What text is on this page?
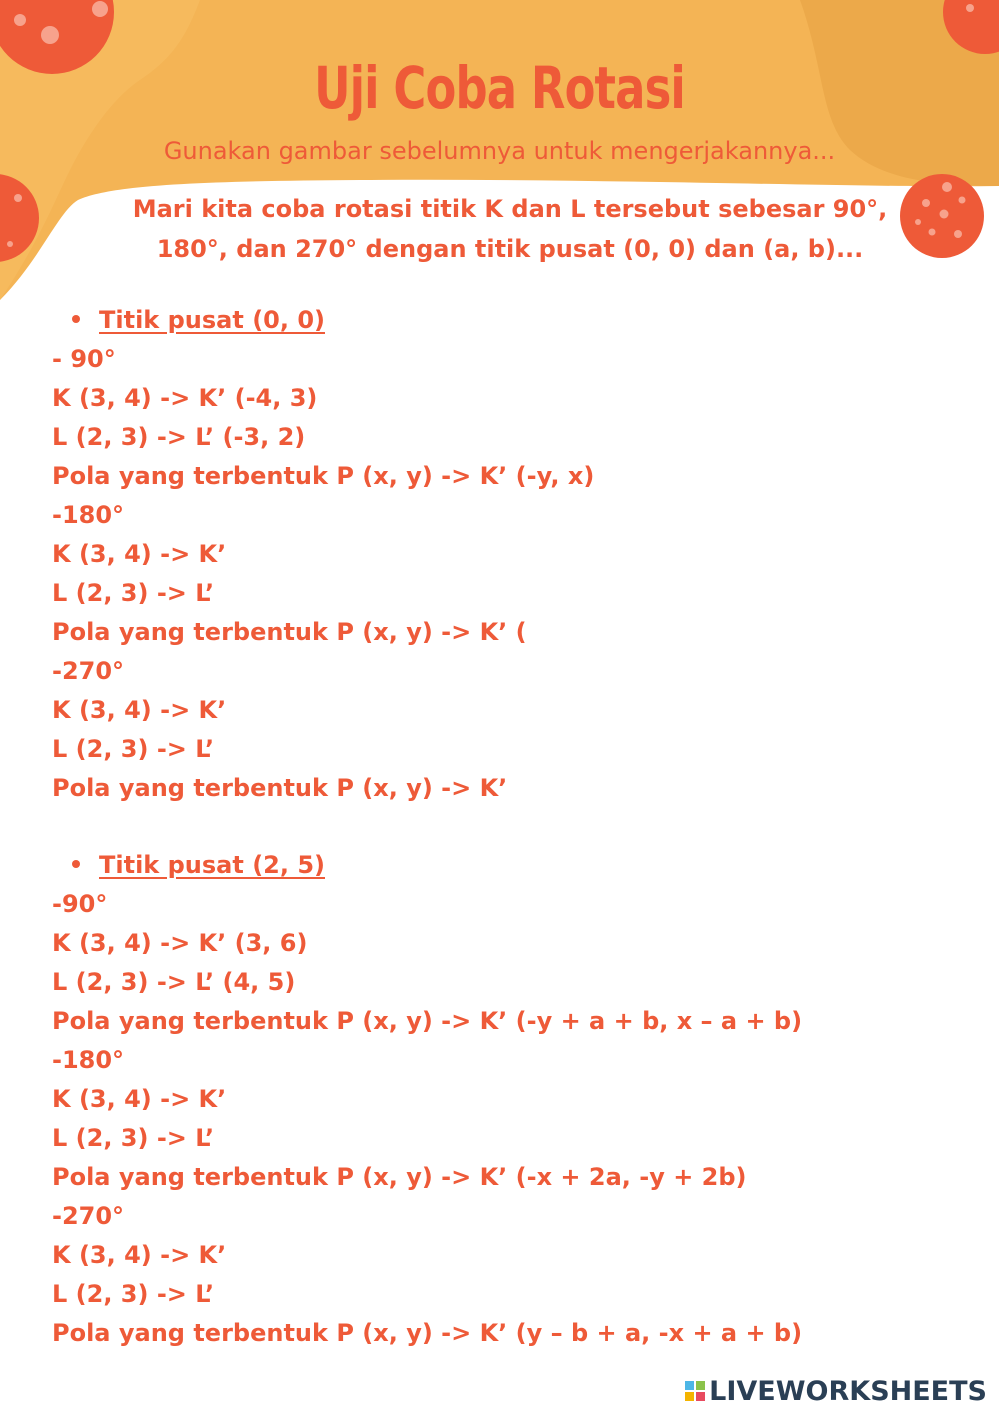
Uji Coba Rotasi
Gunakan gambar sebelumnya untuk mengerjakannya...
Mari kita coba rotasi titik K dan L tersebut sebesar 90°,
180°, dan 270° dengan titik pusat (0, 0) dan (a, b)...
Titik pusat (0, 0)
- 90°
K (3, 4) -> K’ (-4, 3)
L (2, 3) -> L’ (-3, 2)
Pola yang terbentuk P (x, y) -> K’ (-y, x)
-180°
K (3, 4) -> K’
L (2, 3) -> L’
Pola yang terbentuk P (x, y) -> K’ (
-270°
K (3, 4) -> K’
L (2, 3) -> L’
Pola yang terbentuk P (x, y) -> K’
Titik pusat (2, 5)
-90°
K (3, 4) -> K’ (3, 6)
L (2, 3) -> L’ (4, 5)
Pola yang terbentuk P (x, y) -> K’ (-y + a + b, x – a + b)
-180°
K (3, 4) -> K’
L (2, 3) -> L’
Pola yang terbentuk P (x, y) -> K’ (-x + 2a, -y + 2b)
-270°
K (3, 4) -> K’
L (2, 3) -> L’
Pola yang terbentuk P (x, y) -> K’ (y – b + a, -x + a + b)
LIVEWORKSHEETS
